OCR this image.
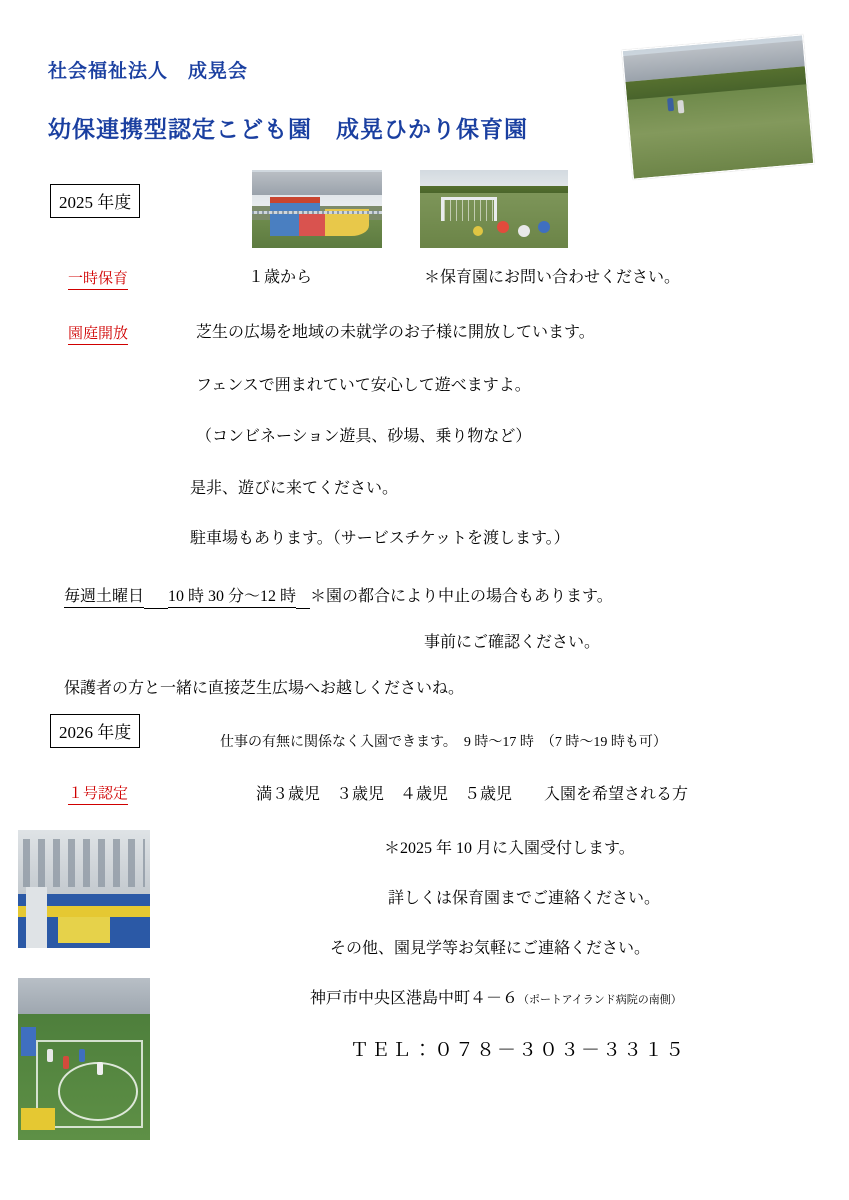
社会福祉法人　成晃会
幼保連携型認定こども園　成晃ひかり保育園
2025 年度
一時保育	１歳から	＊保育園にお問い合わせください。
園庭開放	芝生の広場を地域の未就学のお子様に開放しています。
フェンスで囲まれていて安心して遊べますよ。
（コンビネーション遊具、砂場、乗り物など）
是非、遊びに来てください。
駐車場もあります。（サービスチケットを渡します。）
毎週土曜日 10 時 30 分〜12 時 ＊園の都合により中止の場合もあります。
事前にご確認ください。
保護者の方と一緒に直接芝生広場へお越しくださいね。
2026 年度
仕事の有無に関係なく入園できます。　9 時〜17 時　（7 時〜19 時も可）
１号認定	満３歳児　３歳児　４歳児　５歳児　　入園を希望される方
＊2025 年 10 月に入園受付します。
詳しくは保育園までご連絡ください。
その他、園見学等お気軽にご連絡ください。
神戸市中央区港島中町４－６（ポートアイランド病院の南側）
ＴＥＬ：０７８－３０３－３３１５
